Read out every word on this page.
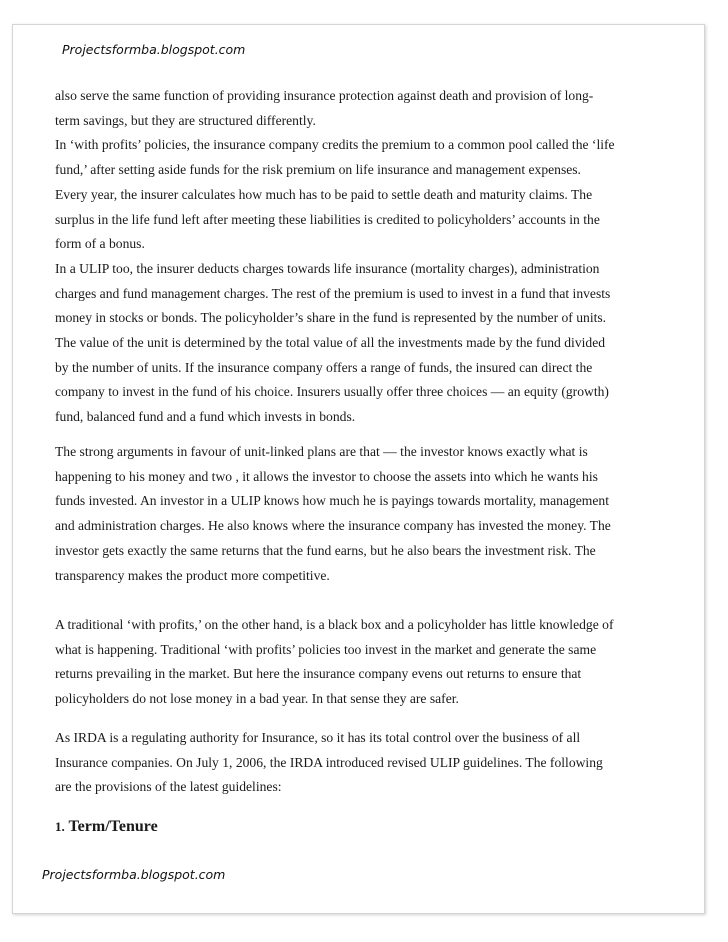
Projectsformba.blogspot.com
also serve the same function of providing insurance protection against death and provision of long-
term savings, but they are structured differently.
In ‘with profits’ policies, the insurance company credits the premium to a common pool called the ‘life
fund,’ after setting aside funds for the risk premium on life insurance and management expenses.
Every year, the insurer calculates how much has to be paid to settle death and maturity claims. The
surplus in the life fund left after meeting these liabilities is credited to policyholders’ accounts in the
form of a bonus.
In a ULIP too, the insurer deducts charges towards life insurance (mortality charges), administration
charges and fund management charges. The rest of the premium is used to invest in a fund that invests
money in stocks or bonds. The policyholder’s share in the fund is represented by the number of units.
The value of the unit is determined by the total value of all the investments made by the fund divided
by the number of units. If the insurance company offers a range of funds, the insured can direct the
company to invest in the fund of his choice. Insurers usually offer three choices — an equity (growth)
fund, balanced fund and a fund which invests in bonds.
The strong arguments in favour of unit-linked plans are that — the investor knows exactly what is
happening to his money and two , it allows the investor to choose the assets into which he wants his
funds invested. An investor in a ULIP knows how much he is payings towards mortality, management
and administration charges. He also knows where the insurance company has invested the money. The
investor gets exactly the same returns that the fund earns, but he also bears the investment risk. The
transparency makes the product more competitive.
A traditional ‘with profits,’ on the other hand, is a black box and a policyholder has little knowledge of
what is happening. Traditional ‘with profits’ policies too invest in the market and generate the same
returns prevailing in the market. But here the insurance company evens out returns to ensure that
policyholders do not lose money in a bad year. In that sense they are safer.
As IRDA is a regulating authority for Insurance, so it has its total control over the business of all
Insurance companies. On July 1, 2006, the IRDA introduced revised ULIP guidelines. The following
are the provisions of the latest guidelines:
1. Term/Tenure
Projectsformba.blogspot.com
